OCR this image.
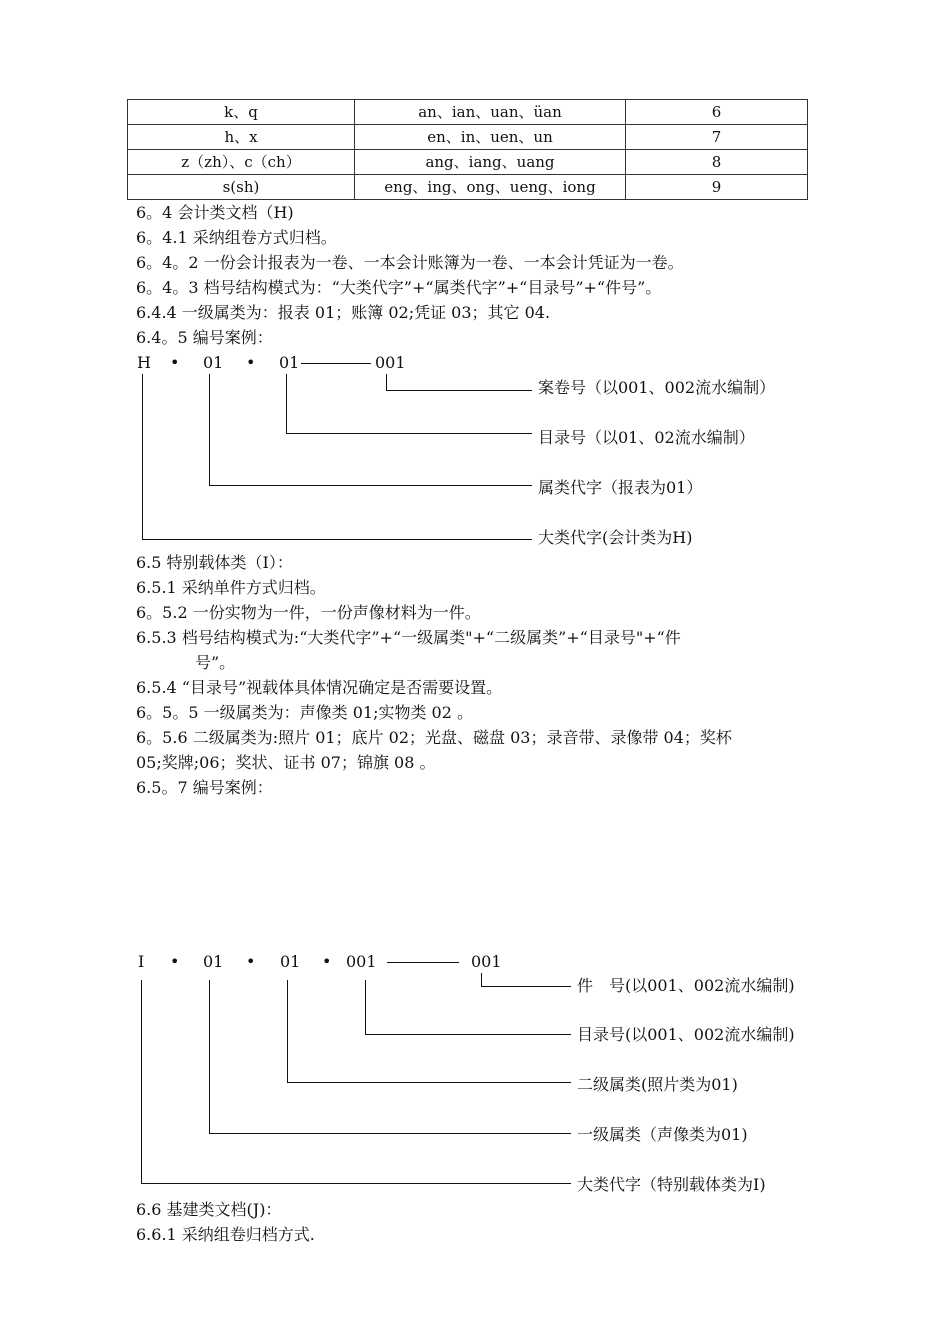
k、q	an、ian、uan、üan	6
h、x	en、in、uen、un	7
z（zh）、c（ch）	ang、iang、uang	8
s(sh)	eng、ing、ong、ueng、iong	9
6。4 会计类文档（H)
6。4.1 采纳组卷方式归档。
6。4。2 一份会计报表为一卷、一本会计账簿为一卷、一本会计凭证为一卷。
6。4。3 档号结构模式为：“大类代字”+“属类代字”+“目录号”+“件号”。
6.4.4 一级属类为：报表 01；账簿 02;凭证 03；其它 04.
6.4。5 编号案例：
H • 01 • 01	001
案卷号（以001、002流水编制）
目录号（以01、02流水编制）
属类代字（报表为01）
大类代字(会计类为H)
6.5 特别载体类（I）：
6.5.1 采纳单件方式归档。
6。5.2 一份实物为一件，一份声像材料为一件。
6.5.3 档号结构模式为:“大类代字”+“一级属类"+“二级属类”+“目录号"+“件
号”。
6.5.4 “目录号”视载体具体情况确定是否需要设置。
6。5。5 一级属类为：声像类 01;实物类 02 。
6。5.6 二级属类为:照片 01；底片 02；光盘、磁盘 03；录音带、录像带 04；奖杯
05;奖牌;06；奖状、证书 07；锦旗 08 。
6.5。7 编号案例：
I • 01 • 01 • 001	001
件　号(以001、002流水编制)
目录号(以001、002流水编制)
二级属类(照片类为01)
一级属类（声像类为01)
大类代字（特别载体类为I)
6.6 基建类文档(J)：
6.6.1 采纳组卷归档方式.
